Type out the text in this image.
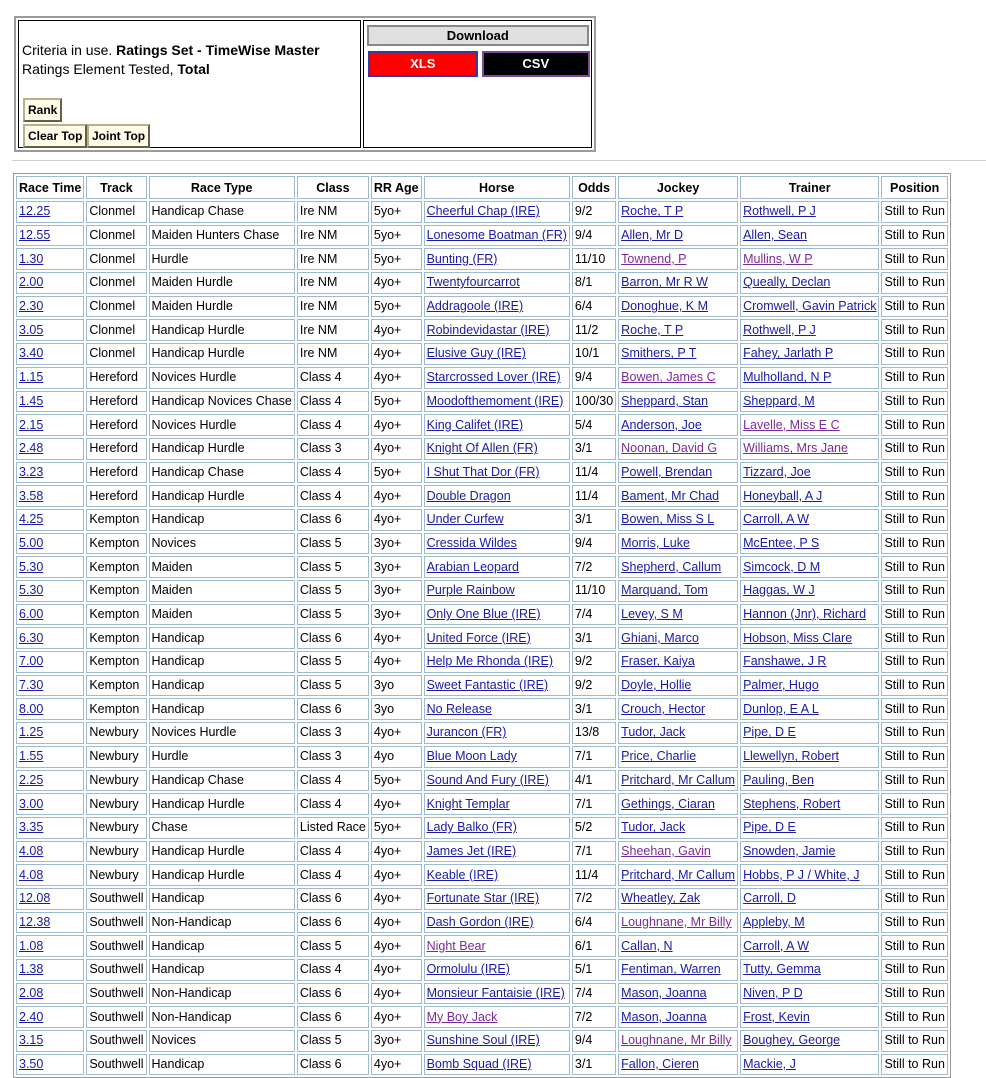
Criteria in use. Ratings Set - TimeWise Master
Ratings Element Tested, Total
Rank
Clear Top Joint Top
Download
XLS	CSV
Race Time	Track	Race Type	Class	RR Age	Horse	Odds	Jockey	Trainer	Position
12.25	Clonmel	Handicap Chase	Ire NM	5yo+	Cheerful Chap (IRE)	9/2	Roche, T P	Rothwell, P J	Still to Run
12.55	Clonmel	Maiden Hunters Chase	Ire NM	5yo+	Lonesome Boatman (FR)	9/4	Allen, Mr D	Allen, Sean	Still to Run
1.30	Clonmel	Hurdle	Ire NM	5yo+	Bunting (FR)	11/10	Townend, P	Mullins, W P	Still to Run
2.00	Clonmel	Maiden Hurdle	Ire NM	4yo+	Twentyfourcarrot	8/1	Barron, Mr R W	Queally, Declan	Still to Run
2.30	Clonmel	Maiden Hurdle	Ire NM	5yo+	Addragoole (IRE)	6/4	Donoghue, K M	Cromwell, Gavin Patrick	Still to Run
3.05	Clonmel	Handicap Hurdle	Ire NM	4yo+	Robindevidastar (IRE)	11/2	Roche, T P	Rothwell, P J	Still to Run
3.40	Clonmel	Handicap Hurdle	Ire NM	4yo+	Elusive Guy (IRE)	10/1	Smithers, P T	Fahey, Jarlath P	Still to Run
1.15	Hereford	Novices Hurdle	Class 4	4yo+	Starcrossed Lover (IRE)	9/4	Bowen, James C	Mulholland, N P	Still to Run
1.45	Hereford	Handicap Novices Chase	Class 4	5yo+	Moodofthemoment (IRE)	100/30	Sheppard, Stan	Sheppard, M	Still to Run
2.15	Hereford	Novices Hurdle	Class 4	4yo+	King Califet (IRE)	5/4	Anderson, Joe	Lavelle, Miss E C	Still to Run
2.48	Hereford	Handicap Hurdle	Class 3	4yo+	Knight Of Allen (FR)	3/1	Noonan, David G	Williams, Mrs Jane	Still to Run
3.23	Hereford	Handicap Chase	Class 4	5yo+	I Shut That Dor (FR)	11/4	Powell, Brendan	Tizzard, Joe	Still to Run
3.58	Hereford	Handicap Hurdle	Class 4	4yo+	Double Dragon	11/4	Bament, Mr Chad	Honeyball, A J	Still to Run
4.25	Kempton	Handicap	Class 6	4yo+	Under Curfew	3/1	Bowen, Miss S L	Carroll, A W	Still to Run
5.00	Kempton	Novices	Class 5	3yo+	Cressida Wildes	9/4	Morris, Luke	McEntee, P S	Still to Run
5.30	Kempton	Maiden	Class 5	3yo+	Arabian Leopard	7/2	Shepherd, Callum	Simcock, D M	Still to Run
5.30	Kempton	Maiden	Class 5	3yo+	Purple Rainbow	11/10	Marquand, Tom	Haggas, W J	Still to Run
6.00	Kempton	Maiden	Class 5	3yo+	Only One Blue (IRE)	7/4	Levey, S M	Hannon (Jnr), Richard	Still to Run
6.30	Kempton	Handicap	Class 6	4yo+	United Force (IRE)	3/1	Ghiani, Marco	Hobson, Miss Clare	Still to Run
7.00	Kempton	Handicap	Class 5	4yo+	Help Me Rhonda (IRE)	9/2	Fraser, Kaiya	Fanshawe, J R	Still to Run
7.30	Kempton	Handicap	Class 5	3yo	Sweet Fantastic (IRE)	9/2	Doyle, Hollie	Palmer, Hugo	Still to Run
8.00	Kempton	Handicap	Class 6	3yo	No Release	3/1	Crouch, Hector	Dunlop, E A L	Still to Run
1.25	Newbury	Novices Hurdle	Class 3	4yo+	Jurancon (FR)	13/8	Tudor, Jack	Pipe, D E	Still to Run
1.55	Newbury	Hurdle	Class 3	4yo	Blue Moon Lady	7/1	Price, Charlie	Llewellyn, Robert	Still to Run
2.25	Newbury	Handicap Chase	Class 4	5yo+	Sound And Fury (IRE)	4/1	Pritchard, Mr Callum	Pauling, Ben	Still to Run
3.00	Newbury	Handicap Hurdle	Class 4	4yo+	Knight Templar	7/1	Gethings, Ciaran	Stephens, Robert	Still to Run
3.35	Newbury	Chase	Listed Race	5yo+	Lady Balko (FR)	5/2	Tudor, Jack	Pipe, D E	Still to Run
4.08	Newbury	Handicap Hurdle	Class 4	4yo+	James Jet (IRE)	7/1	Sheehan, Gavin	Snowden, Jamie	Still to Run
4.08	Newbury	Handicap Hurdle	Class 4	4yo+	Keable (IRE)	11/4	Pritchard, Mr Callum	Hobbs, P J / White, J	Still to Run
12.08	Southwell	Handicap	Class 6	4yo+	Fortunate Star (IRE)	7/2	Wheatley, Zak	Carroll, D	Still to Run
12.38	Southwell	Non-Handicap	Class 6	4yo+	Dash Gordon (IRE)	6/4	Loughnane, Mr Billy	Appleby, M	Still to Run
1.08	Southwell	Handicap	Class 5	4yo+	Night Bear	6/1	Callan, N	Carroll, A W	Still to Run
1.38	Southwell	Handicap	Class 4	4yo+	Ormolulu (IRE)	5/1	Fentiman, Warren	Tutty, Gemma	Still to Run
2.08	Southwell	Non-Handicap	Class 6	4yo+	Monsieur Fantaisie (IRE)	7/4	Mason, Joanna	Niven, P D	Still to Run
2.40	Southwell	Non-Handicap	Class 6	4yo+	My Boy Jack	7/2	Mason, Joanna	Frost, Kevin	Still to Run
3.15	Southwell	Novices	Class 5	3yo+	Sunshine Soul (IRE)	9/4	Loughnane, Mr Billy	Boughey, George	Still to Run
3.50	Southwell	Handicap	Class 6	4yo+	Bomb Squad (IRE)	3/1	Fallon, Cieren	Mackie, J	Still to Run
